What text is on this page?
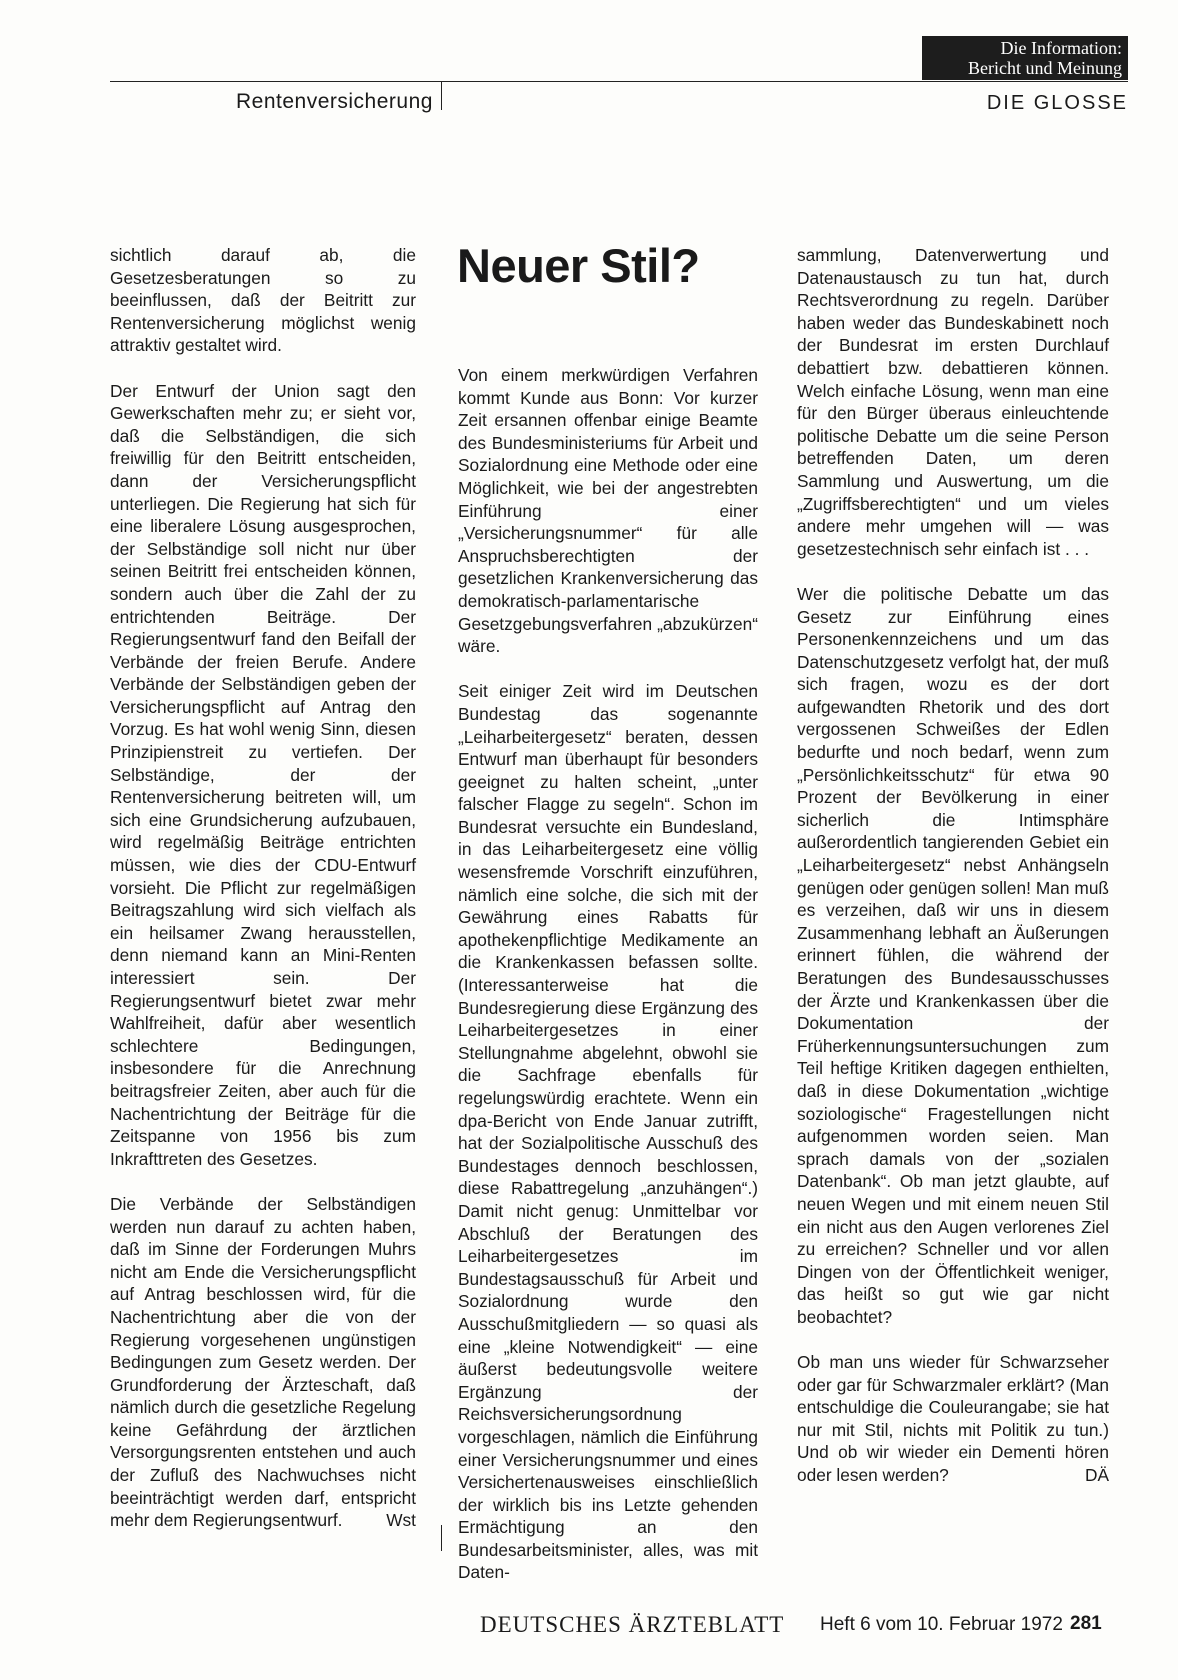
Die Information:
Bericht und Meinung
Rentenversicherung	DIE GLOSSE
Neuer Stil?

sichtlich darauf ab, die Gesetzesberatungen so zu beeinflussen, daß der Beitritt zur Rentenversicherung möglichst wenig attraktiv gestaltet wird.

Der Entwurf der Union sagt den Gewerkschaften mehr zu; er sieht vor, daß die Selbständigen, die sich freiwillig für den Beitritt entscheiden, dann der Versicherungspflicht unterliegen. Die Regierung hat sich für eine liberalere Lösung ausgesprochen, der Selbständige soll nicht nur über seinen Beitritt frei entscheiden können, sondern auch über die Zahl der zu entrichtenden Beiträge. Der Regierungsentwurf fand den Beifall der Verbände der freien Berufe. Andere Verbände der Selbständigen geben der Versicherungspflicht auf Antrag den Vorzug. Es hat wohl wenig Sinn, diesen Prinzipienstreit zu vertiefen. Der Selbständige, der der Rentenversicherung beitreten will, um sich eine Grundsicherung aufzubauen, wird regelmäßig Beiträge entrichten müssen, wie dies der CDU-Entwurf vorsieht. Die Pflicht zur regelmäßigen Beitragszahlung wird sich vielfach als ein heilsamer Zwang herausstellen, denn niemand kann an Mini-Renten interessiert sein. Der Regierungsentwurf bietet zwar mehr Wahlfreiheit, dafür aber wesentlich schlechtere Bedingungen, insbesondere für die Anrechnung beitragsfreier Zeiten, aber auch für die Nachentrichtung der Beiträge für die Zeitspanne von 1956 bis zum Inkrafttreten des Gesetzes.

Die Verbände der Selbständigen werden nun darauf zu achten haben, daß im Sinne der Forderungen Muhrs nicht am Ende die Versicherungspflicht auf Antrag beschlossen wird, für die Nachentrichtung aber die von der Regierung vorgesehenen ungünstigen Bedingungen zum Gesetz werden. Der Grundforderung der Ärzteschaft, daß nämlich durch die gesetzliche Regelung keine Gefährdung der ärztlichen Versorgungsrenten entstehen und auch der Zufluß des Nachwuchses nicht beeinträchtigt werden darf, entspricht mehr dem Regierungsentwurf.	Wst

Von einem merkwürdigen Verfahren kommt Kunde aus Bonn: Vor kurzer Zeit ersannen offenbar einige Beamte des Bundesministeriums für Arbeit und Sozialordnung eine Methode oder eine Möglichkeit, wie bei der angestrebten Einführung einer „Versicherungsnummer“ für alle Anspruchsberechtigten der gesetzlichen Krankenversicherung das demokratisch-parlamentarische Gesetzgebungsverfahren „abzukürzen“ wäre.

Seit einiger Zeit wird im Deutschen Bundestag das sogenannte „Leiharbeitergesetz“ beraten, dessen Entwurf man überhaupt für besonders geeignet zu halten scheint, „unter falscher Flagge zu segeln“. Schon im Bundesrat versuchte ein Bundesland, in das Leiharbeitergesetz eine völlig wesensfremde Vorschrift einzuführen, nämlich eine solche, die sich mit der Gewährung eines Rabatts für apothekenpflichtige Medikamente an die Krankenkassen befassen sollte. (Interessanterweise hat die Bundesregierung diese Ergänzung des Leiharbeitergesetzes in einer Stellungnahme abgelehnt, obwohl sie die Sachfrage ebenfalls für regelungswürdig erachtete. Wenn ein dpa-Bericht von Ende Januar zutrifft, hat der Sozialpolitische Ausschuß des Bundestages dennoch beschlossen, diese Rabattregelung „anzuhängen“.) Damit nicht genug: Unmittelbar vor Abschluß der Beratungen des Leiharbeitergesetzes im Bundestagsausschuß für Arbeit und Sozialordnung wurde den Ausschußmitgliedern — so quasi als eine „kleine Notwendigkeit“ — eine äußerst bedeutungsvolle weitere Ergänzung der Reichsversicherungsordnung vorgeschlagen, nämlich die Einführung einer Versicherungsnummer und eines Versichertenausweises einschließlich der wirklich bis ins Letzte gehenden Ermächtigung an den Bundesarbeitsminister, alles, was mit Daten-

sammlung, Datenverwertung und Datenaustausch zu tun hat, durch Rechtsverordnung zu regeln. Darüber haben weder das Bundeskabinett noch der Bundesrat im ersten Durchlauf debattiert bzw. debattieren können. Welch einfache Lösung, wenn man eine für den Bürger überaus einleuchtende politische Debatte um die seine Person betreffenden Daten, um deren Sammlung und Auswertung, um die „Zugriffsberechtigten“ und um vieles andere mehr umgehen will — was gesetzestechnisch sehr einfach ist . . .

Wer die politische Debatte um das Gesetz zur Einführung eines Personenkennzeichens und um das Datenschutzgesetz verfolgt hat, der muß sich fragen, wozu es der dort aufgewandten Rhetorik und des dort vergossenen Schweißes der Edlen bedurfte und noch bedarf, wenn zum „Persönlichkeitsschutz“ für etwa 90 Prozent der Bevölkerung in einer sicherlich die Intimsphäre außerordentlich tangierenden Gebiet ein „Leiharbeitergesetz“ nebst Anhängseln genügen oder genügen sollen! Man muß es verzeihen, daß wir uns in diesem Zusammenhang lebhaft an Äußerungen erinnert fühlen, die während der Beratungen des Bundesausschusses der Ärzte und Krankenkassen über die Dokumentation der Früherkennungsuntersuchungen zum Teil heftige Kritiken dagegen enthielten, daß in diese Dokumentation „wichtige soziologische“ Fragestellungen nicht aufgenommen worden seien. Man sprach damals von der „sozialen Datenbank“. Ob man jetzt glaubte, auf neuen Wegen und mit einem neuen Stil ein nicht aus den Augen verlorenes Ziel zu erreichen? Schneller und vor allen Dingen von der Öffentlichkeit weniger, das heißt so gut wie gar nicht beobachtet?

Ob man uns wieder für Schwarzseher oder gar für Schwarzmaler erklärt? (Man entschuldige die Couleurangabe; sie hat nur mit Stil, nichts mit Politik zu tun.) Und ob wir wieder ein Dementi hören oder lesen werden?	DÄ

DEUTSCHES ÄRZTEBLATT Heft 6 vom 10. Februar 1972 281
